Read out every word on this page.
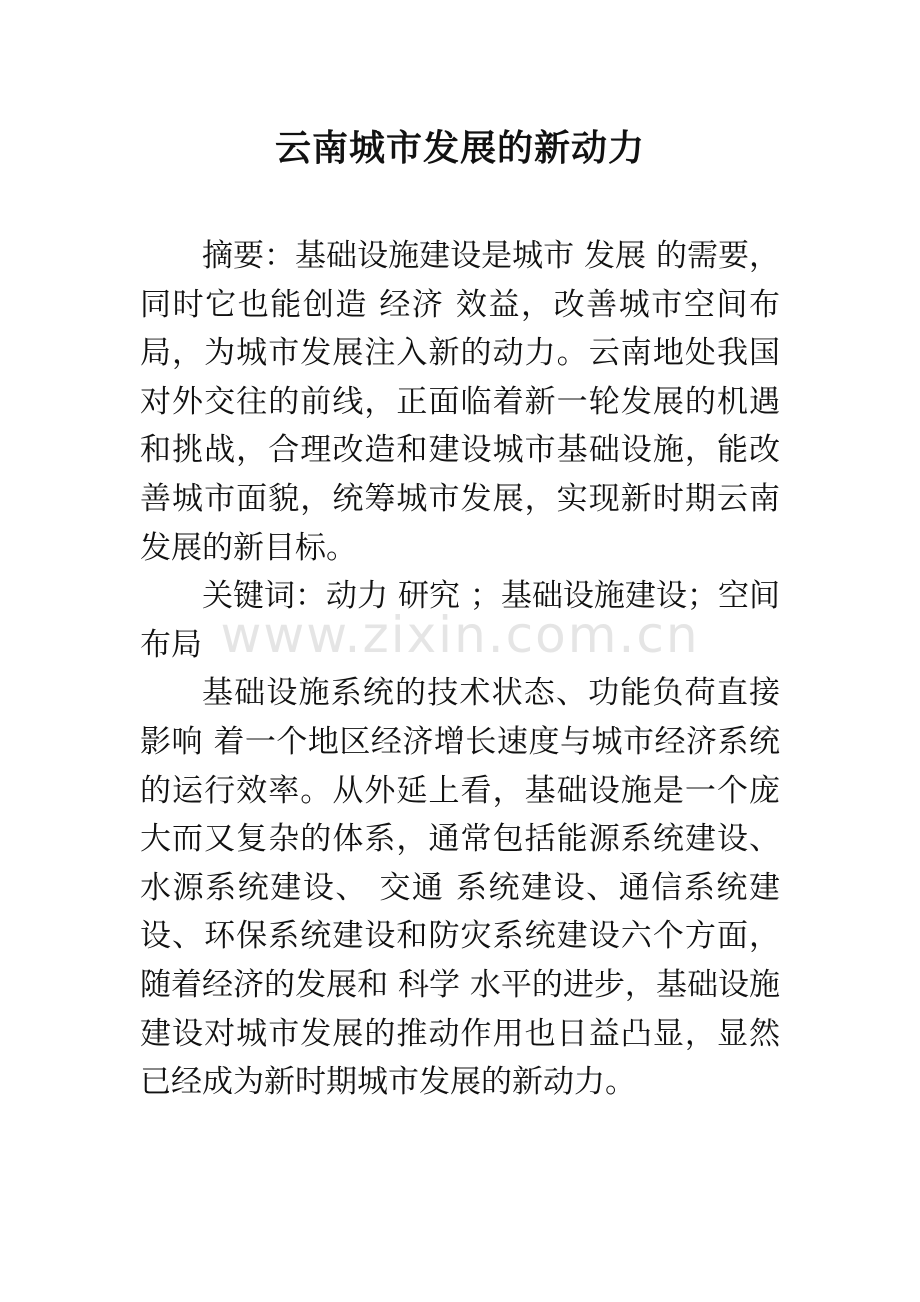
云南城市发展的新动力

摘要：基础设施建设是城市 发展 的需要，同时它也能创造 经济 效益，改善城市空间布局，为城市发展注入新的动力。云南地处我国对外交往的前线，正面临着新一轮发展的机遇和挑战，合理改造和建设城市基础设施，能改善城市面貌，统筹城市发展，实现新时期云南发展的新目标。

关键词：动力 研究 ；基础设施建设；空间布局

基础设施系统的技术状态、功能负荷直接 影响 着一个地区经济增长速度与城市经济系统的运行效率。从外延上看，基础设施是一个庞大而又复杂的体系，通常包括能源系统建设、水源系统建设、 交通 系统建设、通信系统建设、环保系统建设和防灾系统建设六个方面，随着经济的发展和 科学 水平的进步，基础设施建设对城市发展的推动作用也日益凸显，显然已经成为新时期城市发展的新动力。

www.zixin.com.cn
